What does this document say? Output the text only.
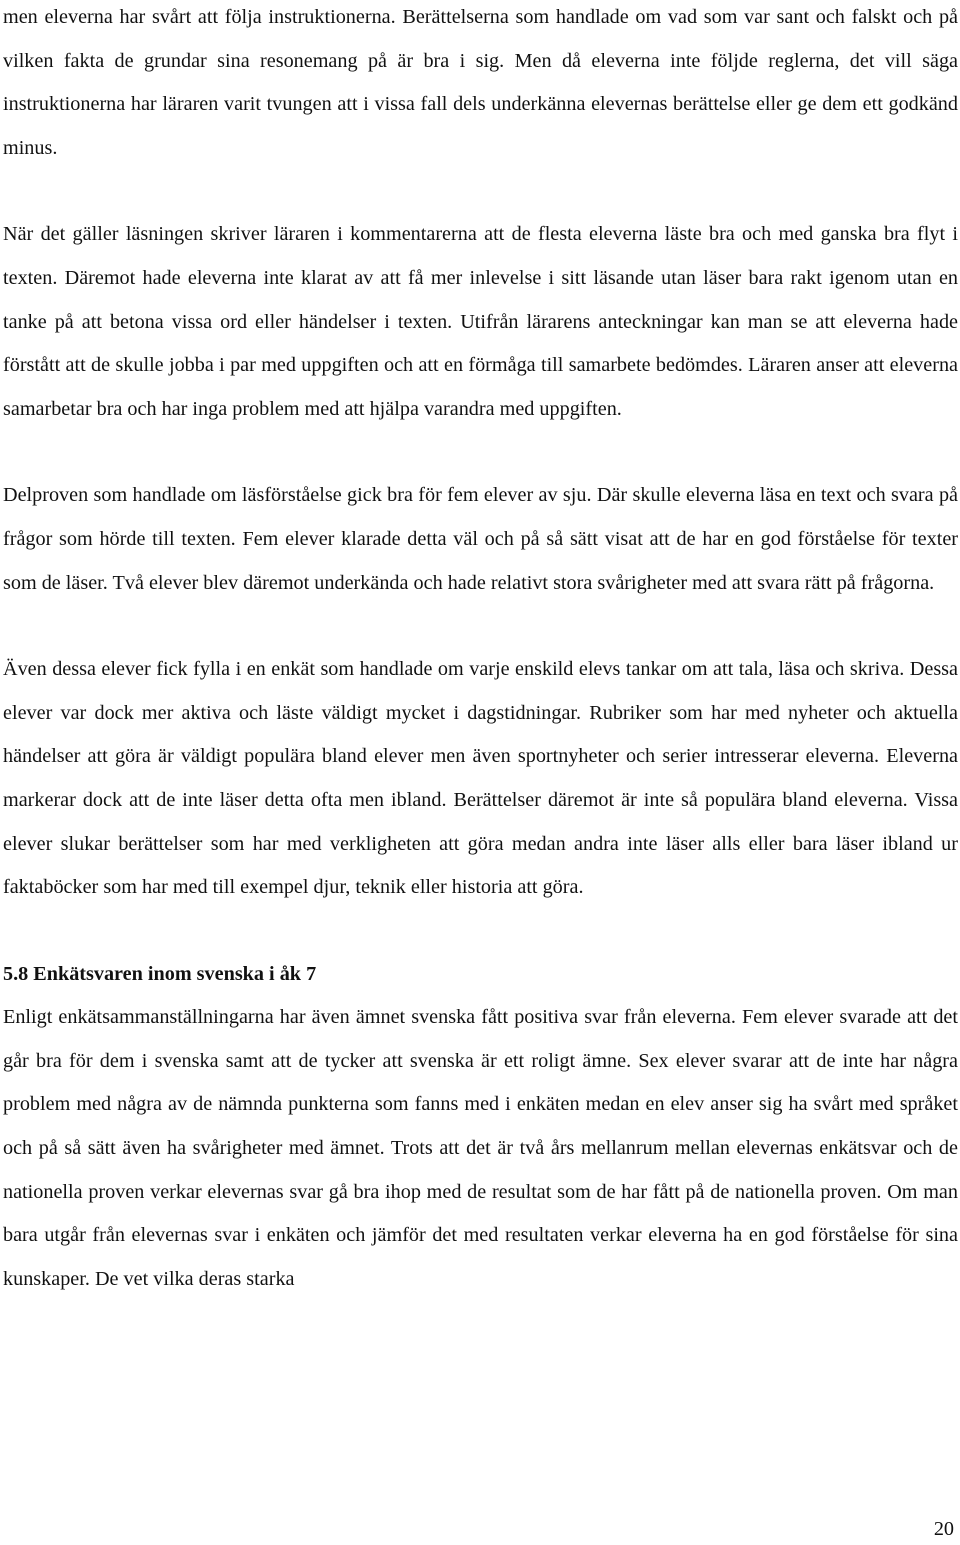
men eleverna har svårt att följa instruktionerna. Berättelserna som handlade om vad som var sant och falskt och på vilken fakta de grundar sina resonemang på är bra i sig. Men då eleverna inte följde reglerna, det vill säga instruktionerna har läraren varit tvungen att i vissa fall dels underkänna elevernas berättelse eller ge dem ett godkänd minus.

När det gäller läsningen skriver läraren i kommentarerna att de flesta eleverna läste bra och med ganska bra flyt i texten. Däremot hade eleverna inte klarat av att få mer inlevelse i sitt läsande utan läser bara rakt igenom utan en tanke på att betona vissa ord eller händelser i texten. Utifrån lärarens anteckningar kan man se att eleverna hade förstått att de skulle jobba i par med uppgiften och att en förmåga till samarbete bedömdes. Läraren anser att eleverna samarbetar bra och har inga problem med att hjälpa varandra med uppgiften.

Delproven som handlade om läsförståelse gick bra för fem elever av sju. Där skulle eleverna läsa en text och svara på frågor som hörde till texten. Fem elever klarade detta väl och på så sätt visat att de har en god förståelse för texter som de läser. Två elever blev däremot underkända och hade relativt stora svårigheter med att svara rätt på frågorna.

Även dessa elever fick fylla i en enkät som handlade om varje enskild elevs tankar om att tala, läsa och skriva. Dessa elever var dock mer aktiva och läste väldigt mycket i dagstidningar. Rubriker som har med nyheter och aktuella händelser att göra är väldigt populära bland elever men även sportnyheter och serier intresserar eleverna. Eleverna markerar dock att de inte läser detta ofta men ibland. Berättelser däremot är inte så populära bland eleverna. Vissa elever slukar berättelser som har med verkligheten att göra medan andra inte läser alls eller bara läser ibland ur faktaböcker som har med till exempel djur, teknik eller historia att göra.

5.8 Enkätsvaren inom svenska i åk 7

Enligt enkätsammanställningarna har även ämnet svenska fått positiva svar från eleverna. Fem elever svarade att det går bra för dem i svenska samt att de tycker att svenska är ett roligt ämne. Sex elever svarar att de inte har några problem med några av de nämnda punkterna som fanns med i enkäten medan en elev anser sig ha svårt med språket och på så sätt även ha svårigheter med ämnet. Trots att det är två års mellanrum mellan elevernas enkätsvar och de nationella proven verkar elevernas svar gå bra ihop med de resultat som de har fått på de nationella proven. Om man bara utgår från elevernas svar i enkäten och jämför det med resultaten verkar eleverna ha en god förståelse för sina kunskaper. De vet vilka deras starka

20
